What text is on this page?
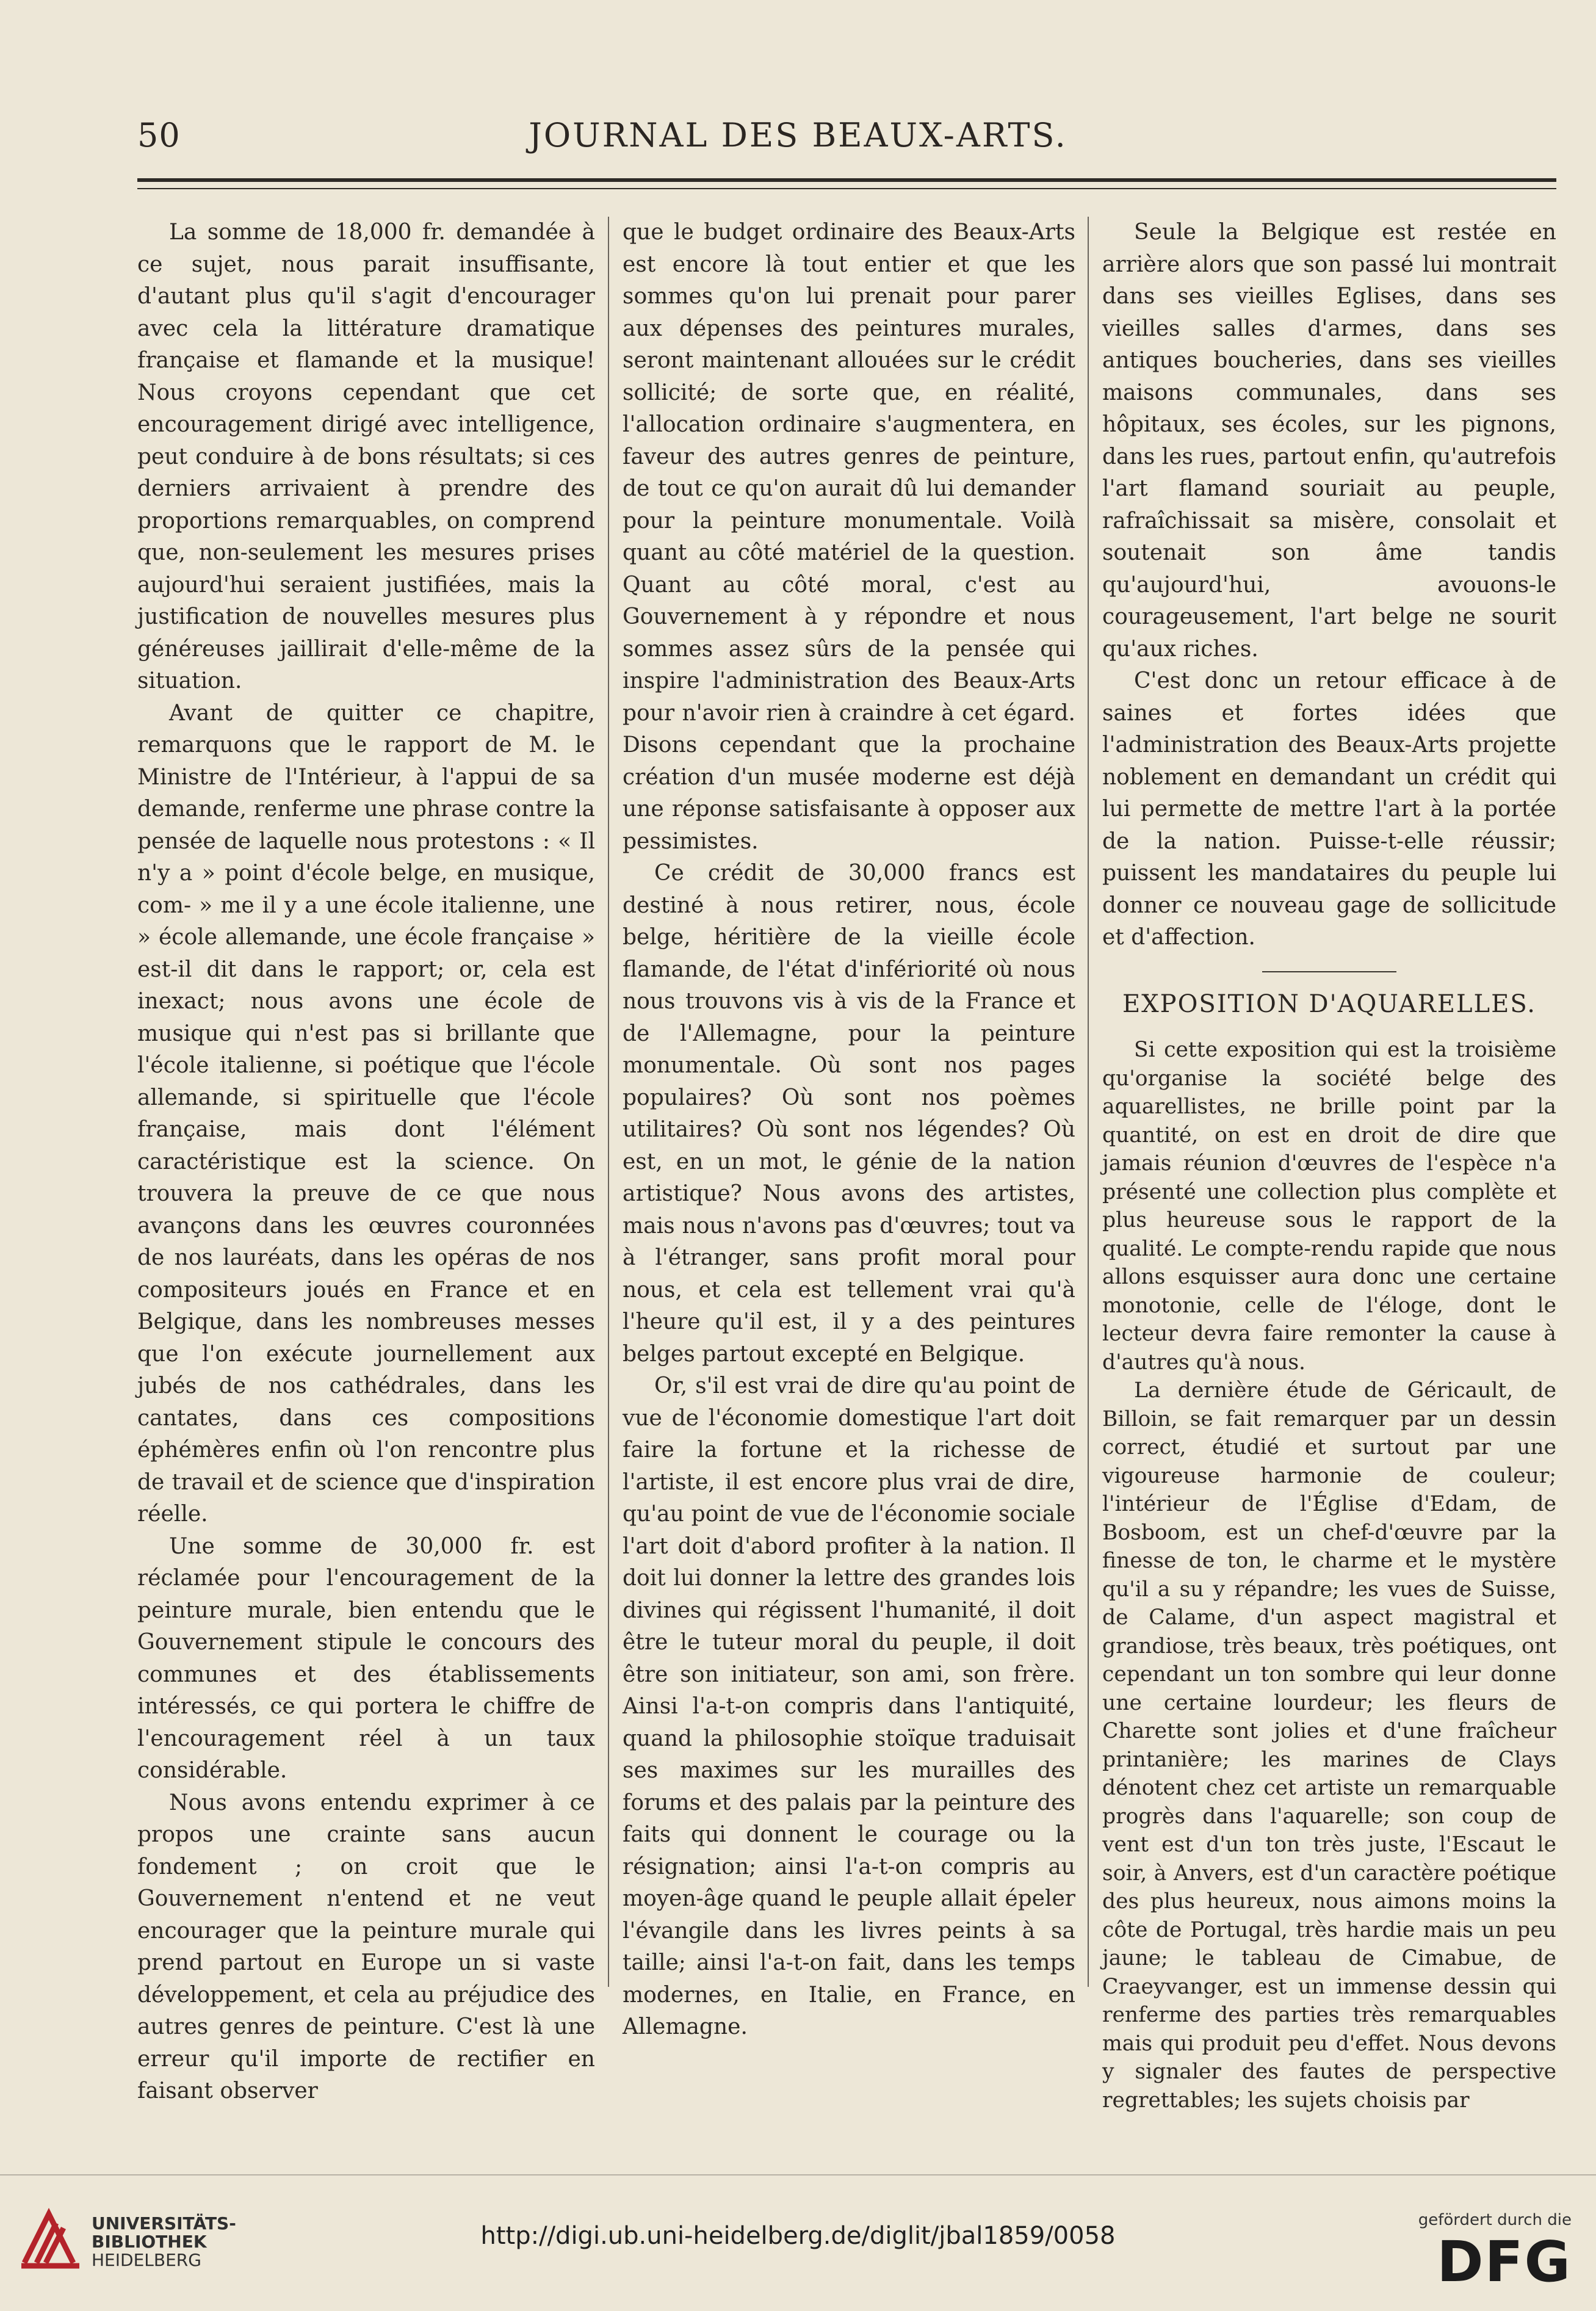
50	JOURNAL DES BEAUX-ARTS.

La somme de 18,000 fr. demandée à ce sujet, nous parait insuffisante, d'autant plus qu'il s'agit d'encourager avec cela la littérature dramatique française et flamande et la musique! Nous croyons cependant que cet encouragement dirigé avec intelligence, peut conduire à de bons résultats; si ces derniers arrivaient à prendre des proportions remarquables, on comprend que, non-seulement les mesures prises aujourd'hui seraient justifiées, mais la justification de nouvelles mesures plus généreuses jaillirait d'elle-même de la situation.

Avant de quitter ce chapitre, remarquons que le rapport de M. le Ministre de l'Intérieur, à l'appui de sa demande, renferme une phrase contre la pensée de laquelle nous protestons : « Il n'y a » point d'école belge, en musique, com- » me il y a une école italienne, une » école allemande, une école française » est-il dit dans le rapport; or, cela est inexact; nous avons une école de musique qui n'est pas si brillante que l'école italienne, si poétique que l'école allemande, si spirituelle que l'école française, mais dont l'élément caractéristique est la science. On trouvera la preuve de ce que nous avançons dans les œuvres couronnées de nos lauréats, dans les opéras de nos compositeurs joués en France et en Belgique, dans les nombreuses messes que l'on exécute journellement aux jubés de nos cathédrales, dans les cantates, dans ces compositions éphémères enfin où l'on rencontre plus de travail et de science que d'inspiration réelle.

Une somme de 30,000 fr. est réclamée pour l'encouragement de la peinture murale, bien entendu que le Gouvernement stipule le concours des communes et des établissements intéressés, ce qui portera le chiffre de l'encouragement réel à un taux considérable.

Nous avons entendu exprimer à ce propos une crainte sans aucun fondement ; on croit que le Gouvernement n'entend et ne veut encourager que la peinture murale qui prend partout en Europe un si vaste développement, et cela au préjudice des autres genres de peinture. C'est là une erreur qu'il importe de rectifier en faisant observer

que le budget ordinaire des Beaux-Arts est encore là tout entier et que les sommes qu'on lui prenait pour parer aux dépenses des peintures murales, seront maintenant allouées sur le crédit sollicité; de sorte que, en réalité, l'allocation ordinaire s'augmentera, en faveur des autres genres de peinture, de tout ce qu'on aurait dû lui demander pour la peinture monumentale. Voilà quant au côté matériel de la question. Quant au côté moral, c'est au Gouvernement à y répondre et nous sommes assez sûrs de la pensée qui inspire l'administration des Beaux-Arts pour n'avoir rien à craindre à cet égard. Disons cependant que la prochaine création d'un musée moderne est déjà une réponse satisfaisante à opposer aux pessimistes.

Ce crédit de 30,000 francs est destiné à nous retirer, nous, école belge, héritière de la vieille école flamande, de l'état d'infériorité où nous nous trouvons vis à vis de la France et de l'Allemagne, pour la peinture monumentale. Où sont nos pages populaires? Où sont nos poèmes utilitaires? Où sont nos légendes? Où est, en un mot, le génie de la nation artistique? Nous avons des artistes, mais nous n'avons pas d'œuvres; tout va à l'étranger, sans profit moral pour nous, et cela est tellement vrai qu'à l'heure qu'il est, il y a des peintures belges partout excepté en Belgique.

Or, s'il est vrai de dire qu'au point de vue de l'économie domestique l'art doit faire la fortune et la richesse de l'artiste, il est encore plus vrai de dire, qu'au point de vue de l'économie sociale l'art doit d'abord profiter à la nation. Il doit lui donner la lettre des grandes lois divines qui régissent l'humanité, il doit être le tuteur moral du peuple, il doit être son initiateur, son ami, son frère. Ainsi l'a-t-on compris dans l'antiquité, quand la philosophie stoïque traduisait ses maximes sur les murailles des forums et des palais par la peinture des faits qui donnent le courage ou la résignation; ainsi l'a-t-on compris au moyen-âge quand le peuple allait épeler l'évangile dans les livres peints à sa taille; ainsi l'a-t-on fait, dans les temps modernes, en Italie, en France, en Allemagne.

Seule la Belgique est restée en arrière alors que son passé lui montrait dans ses vieilles Eglises, dans ses vieilles salles d'armes, dans ses antiques boucheries, dans ses vieilles maisons communales, dans ses hôpitaux, ses écoles, sur les pignons, dans les rues, partout enfin, qu'autrefois l'art flamand souriait au peuple, rafraîchissait sa misère, consolait et soutenait son âme tandis qu'aujourd'hui, avouons-le courageusement, l'art belge ne sourit qu'aux riches.

C'est donc un retour efficace à de saines et fortes idées que l'administration des Beaux-Arts projette noblement en demandant un crédit qui lui permette de mettre l'art à la portée de la nation. Puisse-t-elle réussir; puissent les mandataires du peuple lui donner ce nouveau gage de sollicitude et d'affection.

EXPOSITION D'AQUARELLES.

Si cette exposition qui est la troisième qu'organise la société belge des aquarellistes, ne brille point par la quantité, on est en droit de dire que jamais réunion d'œuvres de l'espèce n'a présenté une collection plus complète et plus heureuse sous le rapport de la qualité. Le compte-rendu rapide que nous allons esquisser aura donc une certaine monotonie, celle de l'éloge, dont le lecteur devra faire remonter la cause à d'autres qu'à nous.

La dernière étude de Géricault, de Billoin, se fait remarquer par un dessin correct, étudié et surtout par une vigoureuse harmonie de couleur; l'intérieur de l'Église d'Edam, de Bosboom, est un chef-d'œuvre par la finesse de ton, le charme et le mystère qu'il a su y répandre; les vues de Suisse, de Calame, d'un aspect magistral et grandiose, très beaux, très poétiques, ont cependant un ton sombre qui leur donne une certaine lourdeur; les fleurs de Charette sont jolies et d'une fraîcheur printanière; les marines de Clays dénotent chez cet artiste un remarquable progrès dans l'aquarelle; son coup de vent est d'un ton très juste, l'Escaut le soir, à Anvers, est d'un caractère poétique des plus heureux, nous aimons moins la côte de Portugal, très hardie mais un peu jaune; le tableau de Cimabue, de Craeyvanger, est un immense dessin qui renferme des parties très remarquables mais qui produit peu d'effet. Nous devons y signaler des fautes de perspective regrettables; les sujets choisis par

UNIVERSITÄTS-
BIBLIOTHEK
HEIDELBERG
http://digi.ub.uni-heidelberg.de/diglit/jbal1859/0058
gefördert durch die
DFG
